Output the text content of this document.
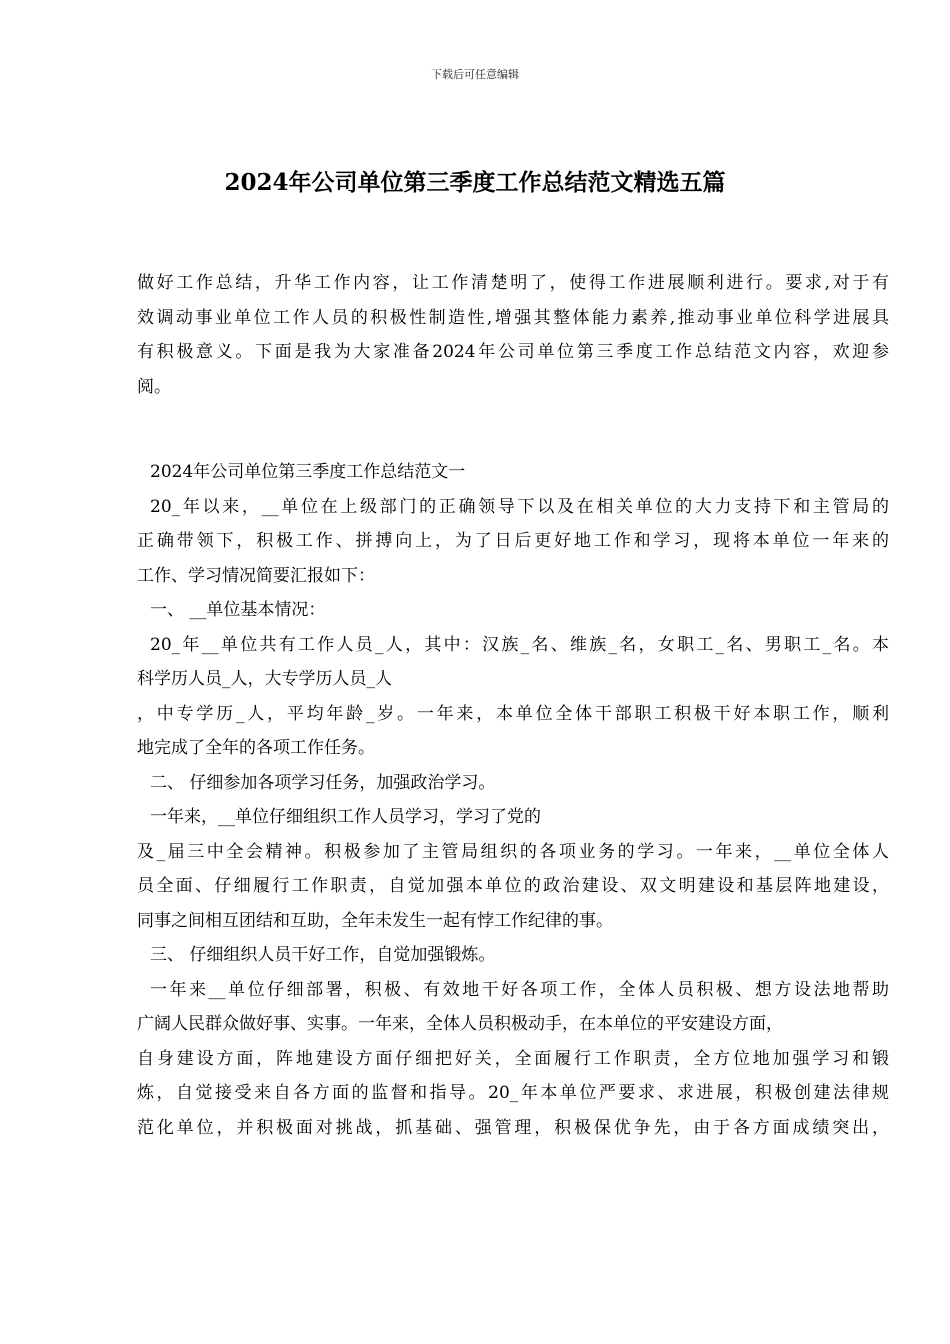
下载后可任意编辑
2024年公司单位第三季度工作总结范文精选五篇

做好工作总结，升华工作内容，让工作清楚明了，使得工作进展顺利进行。要求,对于有

效调动事业单位工作人员的积极性制造性,增强其整体能力素养,推动事业单位科学进展具

有积极意义。下面是我为大家准备2024年公司单位第三季度工作总结范文内容，欢迎参

阅。

2024年公司单位第三季度工作总结范文一

20_年以来，__单位在上级部门的正确领导下以及在相关单位的大力支持下和主管局的

正确带领下，积极工作、拼搏向上，为了日后更好地工作和学习，现将本单位一年来的

工作、学习情况简要汇报如下：

一、 __单位基本情况：

20_年__单位共有工作人员_人，其中：汉族_名、维族_名，女职工_名、男职工_名。本

科学历人员_人，大专学历人员_人

，中专学历_人，平均年龄_岁。一年来，本单位全体干部职工积极干好本职工作，顺利

地完成了全年的各项工作任务。

二、 仔细参加各项学习任务，加强政治学习。

一年来，__单位仔细组织工作人员学习，学习了党的

及_届三中全会精神。积极参加了主管局组织的各项业务的学习。一年来，__单位全体人

员全面、仔细履行工作职责，自觉加强本单位的政治建设、双文明建设和基层阵地建设，

同事之间相互团结和互助，全年未发生一起有悖工作纪律的事。

三、 仔细组织人员干好工作，自觉加强锻炼。

一年来__单位仔细部署，积极、有效地干好各项工作，全体人员积极、想方设法地帮助

广阔人民群众做好事、实事。一年来，全体人员积极动手，在本单位的平安建设方面，

自身建设方面，阵地建设方面仔细把好关，全面履行工作职责，全方位地加强学习和锻

炼，自觉接受来自各方面的监督和指导。20_年本单位严要求、求进展，积极创建法律规

范化单位，并积极面对挑战，抓基础、强管理，积极保优争先，由于各方面成绩突出，
